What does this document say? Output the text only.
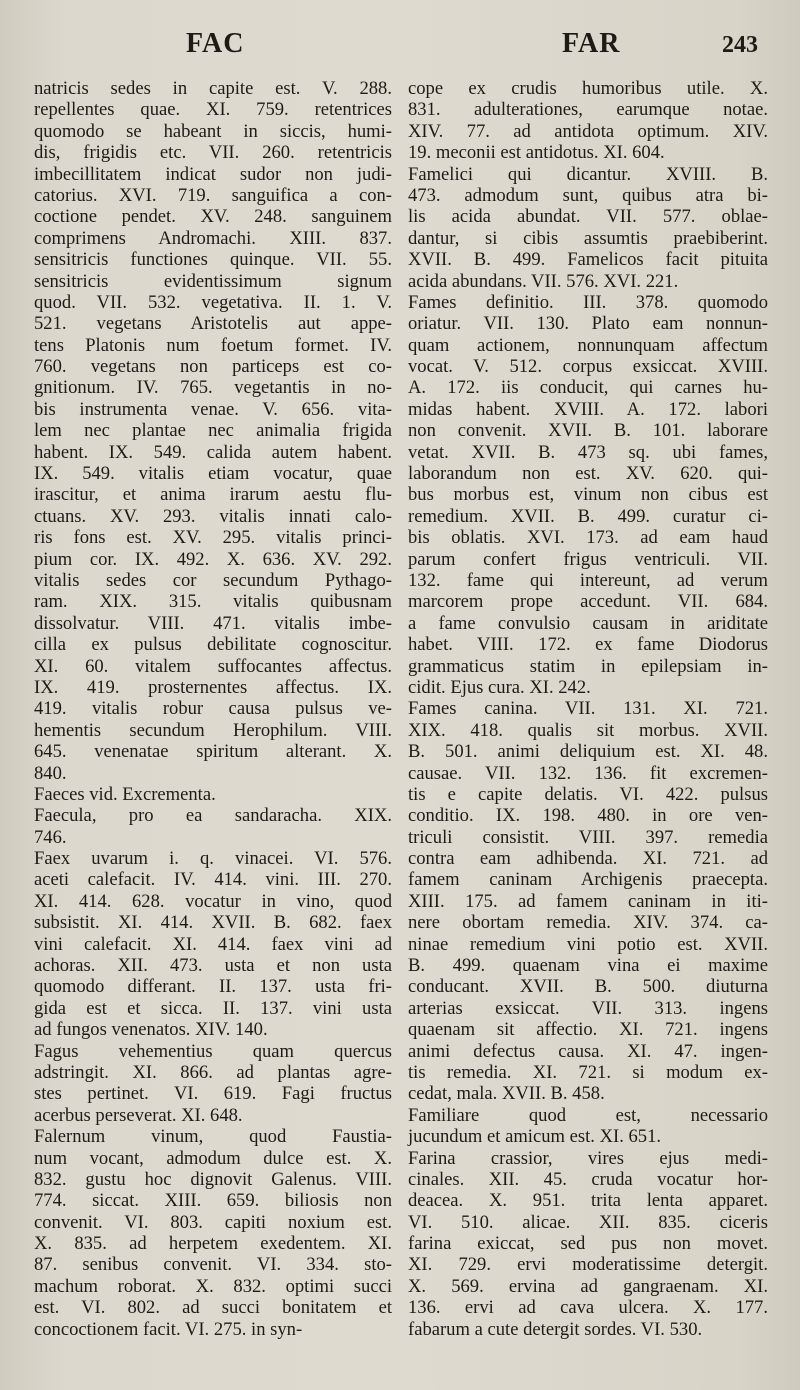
FAC	FAR	243
natricis sedes in capite est. V. 288.
repellentes quae. XI. 759. retentrices
quomodo se habeant in siccis, humi-
dis, frigidis etc. VII. 260. retentricis
imbecillitatem indicat sudor non judi-
catorius. XVI. 719. sanguifica a con-
coctione pendet. XV. 248. sanguinem
comprimens Andromachi. XIII. 837.
sensitricis functiones quinque. VII. 55.
sensitricis evidentissimum signum
quod. VII. 532. vegetativa. II. 1. V.
521. vegetans Aristotelis aut appe-
tens Platonis num foetum formet. IV.
760. vegetans non particeps est co-
gnitionum. IV. 765. vegetantis in no-
bis instrumenta venae. V. 656. vita-
lem nec plantae nec animalia frigida
habent. IX. 549. calida autem habent.
IX. 549. vitalis etiam vocatur, quae
irascitur, et anima irarum aestu flu-
ctuans. XV. 293. vitalis innati calo-
ris fons est. XV. 295. vitalis princi-
pium cor. IX. 492. X. 636. XV. 292.
vitalis sedes cor secundum Pythago-
ram. XIX. 315. vitalis quibusnam
dissolvatur. VIII. 471. vitalis imbe-
cilla ex pulsus debilitate cognoscitur.
XI. 60. vitalem suffocantes affectus.
IX. 419. prosternentes affectus. IX.
419. vitalis robur causa pulsus ve-
hementis secundum Herophilum. VIII.
645. venenatae spiritum alterant. X.
840.
Faeces vid. Excrementa.
Faecula, pro ea sandaracha. XIX.
746.
Faex uvarum i. q. vinacei. VI. 576.
aceti calefacit. IV. 414. vini. III. 270.
XI. 414. 628. vocatur in vino, quod
subsistit. XI. 414. XVII. B. 682. faex
vini calefacit. XI. 414. faex vini ad
achoras. XII. 473. usta et non usta
quomodo differant. II. 137. usta fri-
gida est et sicca. II. 137. vini usta
ad fungos venenatos. XIV. 140.
Fagus vehementius quam quercus
adstringit. XI. 866. ad plantas agre-
stes pertinet. VI. 619. Fagi fructus
acerbus perseverat. XI. 648.
Falernum vinum, quod Faustia-
num vocant, admodum dulce est. X.
832. gustu hoc dignovit Galenus. VIII.
774. siccat. XIII. 659. biliosis non
convenit. VI. 803. capiti noxium est.
X. 835. ad herpetem exedentem. XI.
87. senibus convenit. VI. 334. sto-
machum roborat. X. 832. optimi succi
est. VI. 802. ad succi bonitatem et
concoctionem facit. VI. 275. in syn-
cope ex crudis humoribus utile. X.
831. adulterationes, earumque notae.
XIV. 77. ad antidota optimum. XIV.
19. meconii est antidotus. XI. 604.
Famelici qui dicantur. XVIII. B.
473. admodum sunt, quibus atra bi-
lis acida abundat. VII. 577. oblae-
dantur, si cibis assumtis praebiberint.
XVII. B. 499. Famelicos facit pituita
acida abundans. VII. 576. XVI. 221.
Fames definitio. III. 378. quomodo
oriatur. VII. 130. Plato eam nonnun-
quam actionem, nonnunquam affectum
vocat. V. 512. corpus exsiccat. XVIII.
A. 172. iis conducit, qui carnes hu-
midas habent. XVIII. A. 172. labori
non convenit. XVII. B. 101. laborare
vetat. XVII. B. 473 sq. ubi fames,
laborandum non est. XV. 620. qui-
bus morbus est, vinum non cibus est
remedium. XVII. B. 499. curatur ci-
bis oblatis. XVI. 173. ad eam haud
parum confert frigus ventriculi. VII.
132. fame qui intereunt, ad verum
marcorem prope accedunt. VII. 684.
a fame convulsio causam in ariditate
habet. VIII. 172. ex fame Diodorus
grammaticus statim in epilepsiam in-
cidit. Ejus cura. XI. 242.
Fames canina. VII. 131. XI. 721.
XIX. 418. qualis sit morbus. XVII.
B. 501. animi deliquium est. XI. 48.
causae. VII. 132. 136. fit excremen-
tis e capite delatis. VI. 422. pulsus
conditio. IX. 198. 480. in ore ven-
triculi consistit. VIII. 397. remedia
contra eam adhibenda. XI. 721. ad
famem caninam Archigenis praecepta.
XIII. 175. ad famem caninam in iti-
nere obortam remedia. XIV. 374. ca-
ninae remedium vini potio est. XVII.
B. 499. quaenam vina ei maxime
conducant. XVII. B. 500. diuturna
arterias exsiccat. VII. 313. ingens
quaenam sit affectio. XI. 721. ingens
animi defectus causa. XI. 47. ingen-
tis remedia. XI. 721. si modum ex-
cedat, mala. XVII. B. 458.
Familiare quod est, necessario
jucundum et amicum est. XI. 651.
Farina crassior, vires ejus medi-
cinales. XII. 45. cruda vocatur hor-
deacea. X. 951. trita lenta apparet.
VI. 510. alicae. XII. 835. ciceris
farina exiccat, sed pus non movet.
XI. 729. ervi moderatissime detergit.
X. 569. ervina ad gangraenam. XI.
136. ervi ad cava ulcera. X. 177.
fabarum a cute detergit sordes. VI. 530.
